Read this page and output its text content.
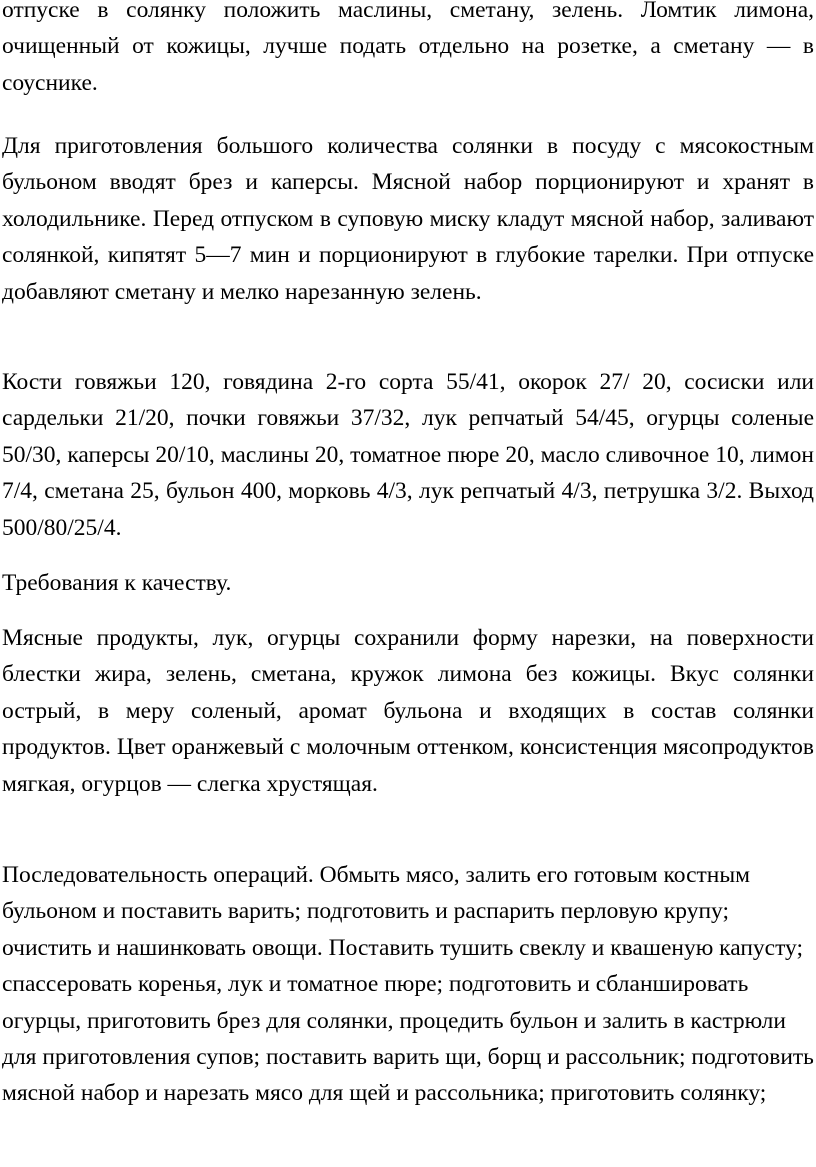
отпуске в солянку положить маслины, сметану, зелень. Ломтик лимона, очищенный от кожицы, лучше подать отдельно на розетке, а сметану — в соуснике.

Для приготовления большого количества солянки в посуду с мясокостным бульоном вводят брез и каперсы. Мясной набор порционируют и хранят в холодильнике. Перед отпуском в суповую миску кладут мясной набор, заливают солянкой, кипятят 5—7 мин и порционируют в глубокие тарелки. При отпуске добавляют сметану и мелко нарезанную зелень.

Кости говяжьи 120, говядина 2-го сорта 55/41, окорок 27/ 20, сосиски или сардельки 21/20, почки говяжьи 37/32, лук репчатый 54/45, огурцы соленые 50/30, каперсы 20/10, маслины 20, томатное пюре 20, масло сливочное 10, лимон 7/4, сметана 25, бульон 400, морковь 4/3, лук репчатый 4/3, петрушка 3/2. Выход 500/80/25/4.

Требования к качеству.

Мясные продукты, лук, огурцы сохранили форму нарезки, на поверхности блестки жира, зелень, сметана, кружок лимона без кожицы. Вкус солянки острый, в меру соленый, аромат бульона и входящих в состав солянки продуктов. Цвет оранжевый с молочным оттенком, консистенция мясопродуктов мягкая, огурцов — слегка хрустящая.

Последовательность операций. Обмыть мясо, залить его готовым костным бульоном и поставить варить; подготовить и распарить перловую крупу; очистить и нашинковать овощи. Поставить тушить свеклу и квашеную капусту; спассеровать коренья, лук и томатное пюре; подготовить и сбланшировать огурцы, приготовить брез для солянки, процедить бульон и залить в кастрюли для приготовления супов; поставить варить щи, борщ и рассольник; подготовить мясной набор и нарезать мясо для щей и рассольника; приготовить солянку;
